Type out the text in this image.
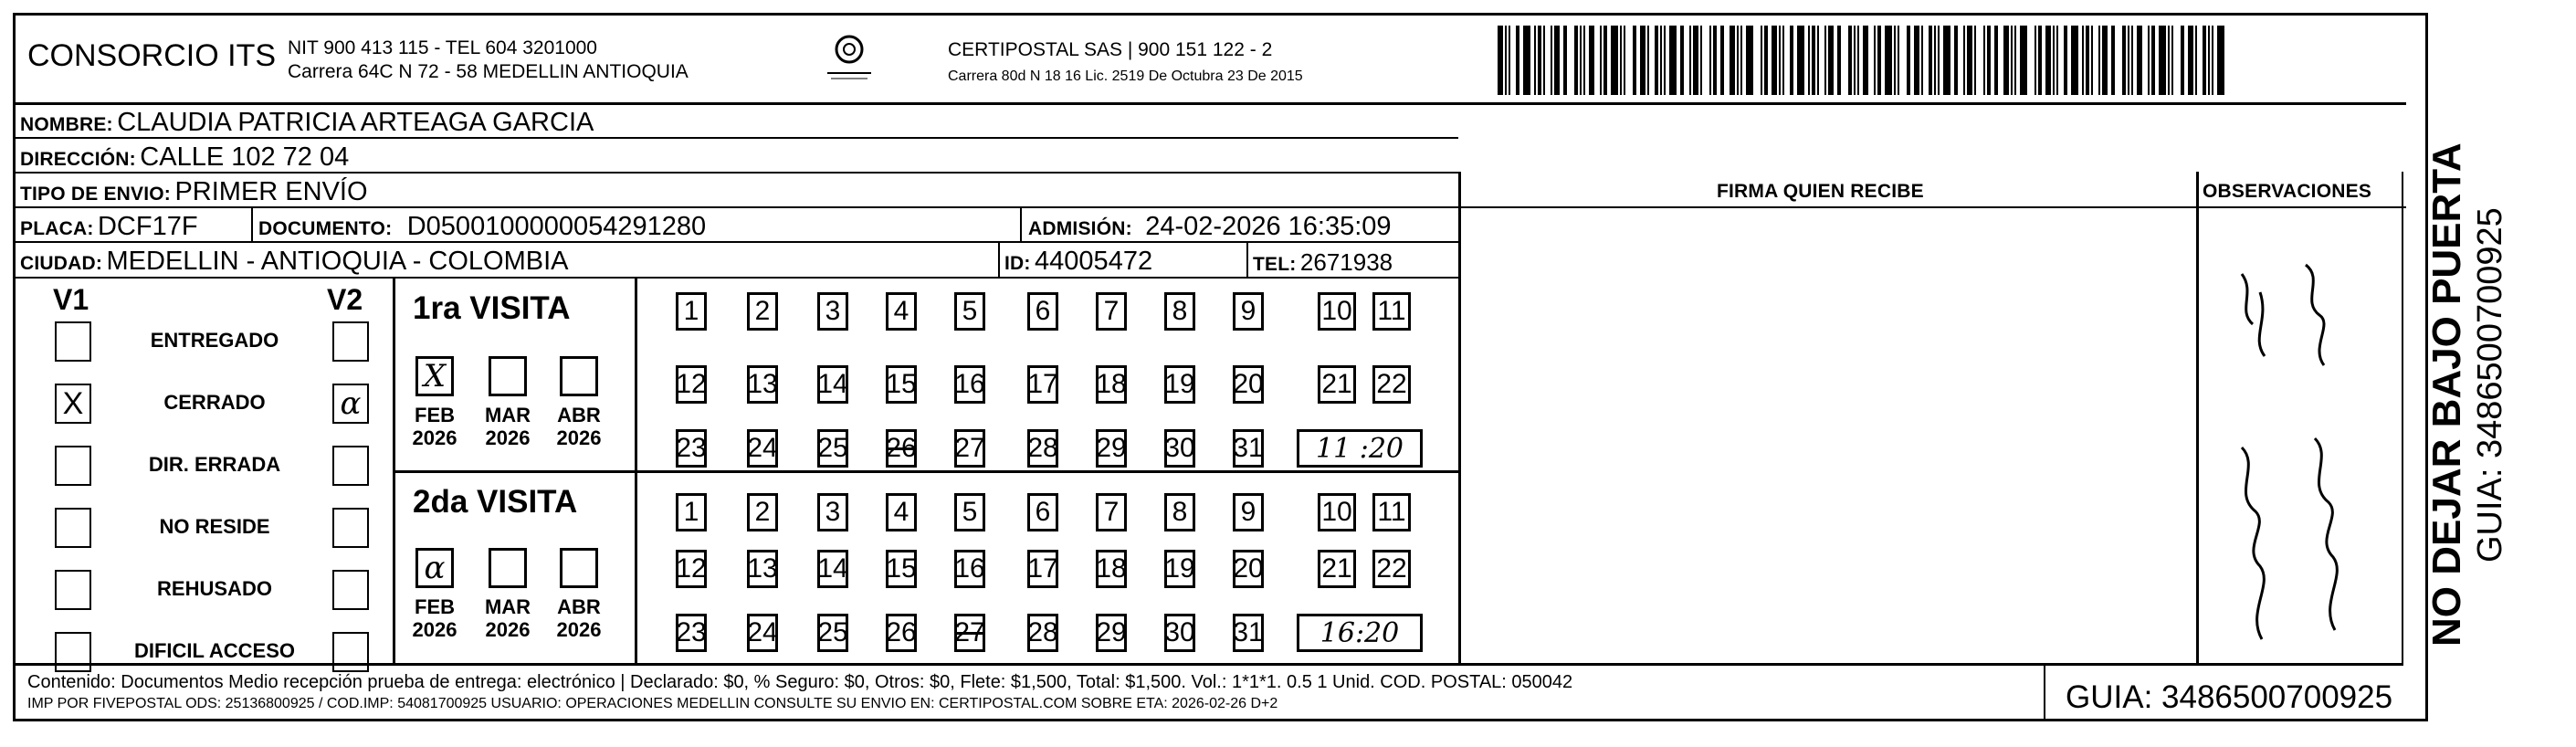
CONSORCIO ITS NIT 900 413 115 - TEL 604 3201000
Carrera 64C N 72 - 58 MEDELLIN ANTIOQUIA
CERTIPOSTAL SAS | 900 151 122 - 2
Carrera 80d N 18 16 Lic. 2519 De Octubra 23 De 2015
NOMBRE: CLAUDIA PATRICIA ARTEAGA GARCIA
DIRECCIÓN: CALLE 102 72 04
TIPO DE ENVIO: PRIMER ENVÍO
PLACA: DCF17F	DOCUMENTO: D0500100000054291280	ADMISIÓN: 24-02-2026 16:35:09
CIUDAD: MEDELLIN - ANTIOQUIA - COLOMBIA	ID: 44005472	TEL: 2671938
FIRMA QUIEN RECIBE	OBSERVACIONES
V1	V2
ENTREGADO
X	CERRADO	α
DIR. ERRADA
NO RESIDE
REHUSADO
DIFICIL ACCESO
1ra VISITA
2da VISITA
X
FEB
2026
MAR
2026
ABR
2026
α
FEB
2026
MAR
2026
ABR
2026
1 2 3 4 5 6 7 8 9 10 11
12 13 14 15 16 17 18 19 20 21 22
23 24 25 26 27 28 29 30 31	11 :20
1 2 3 4 5 6 7 8 9 10 11
12 13 14 15 16 17 18 19 20 21 22
23 24 25 26 27 28 29 30 31	16:20
Contenido: Documentos Medio recepción prueba de entrega: electrónico | Declarado: $0, % Seguro: $0, Otros: $0, Flete: $1,500, Total: $1,500. Vol.: 1*1*1. 0.5 1 Unid. COD. POSTAL: 050042
IMP POR FIVEPOSTAL ODS: 25136800925 / COD.IMP: 54081700925 USUARIO: OPERACIONES MEDELLIN CONSULTE SU ENVIO EN: CERTIPOSTAL.COM SOBRE ETA: 2026-02-26 D+2	GUIA: 3486500700925
NO DEJAR BAJO PUERTA GUIA: 3486500700925
